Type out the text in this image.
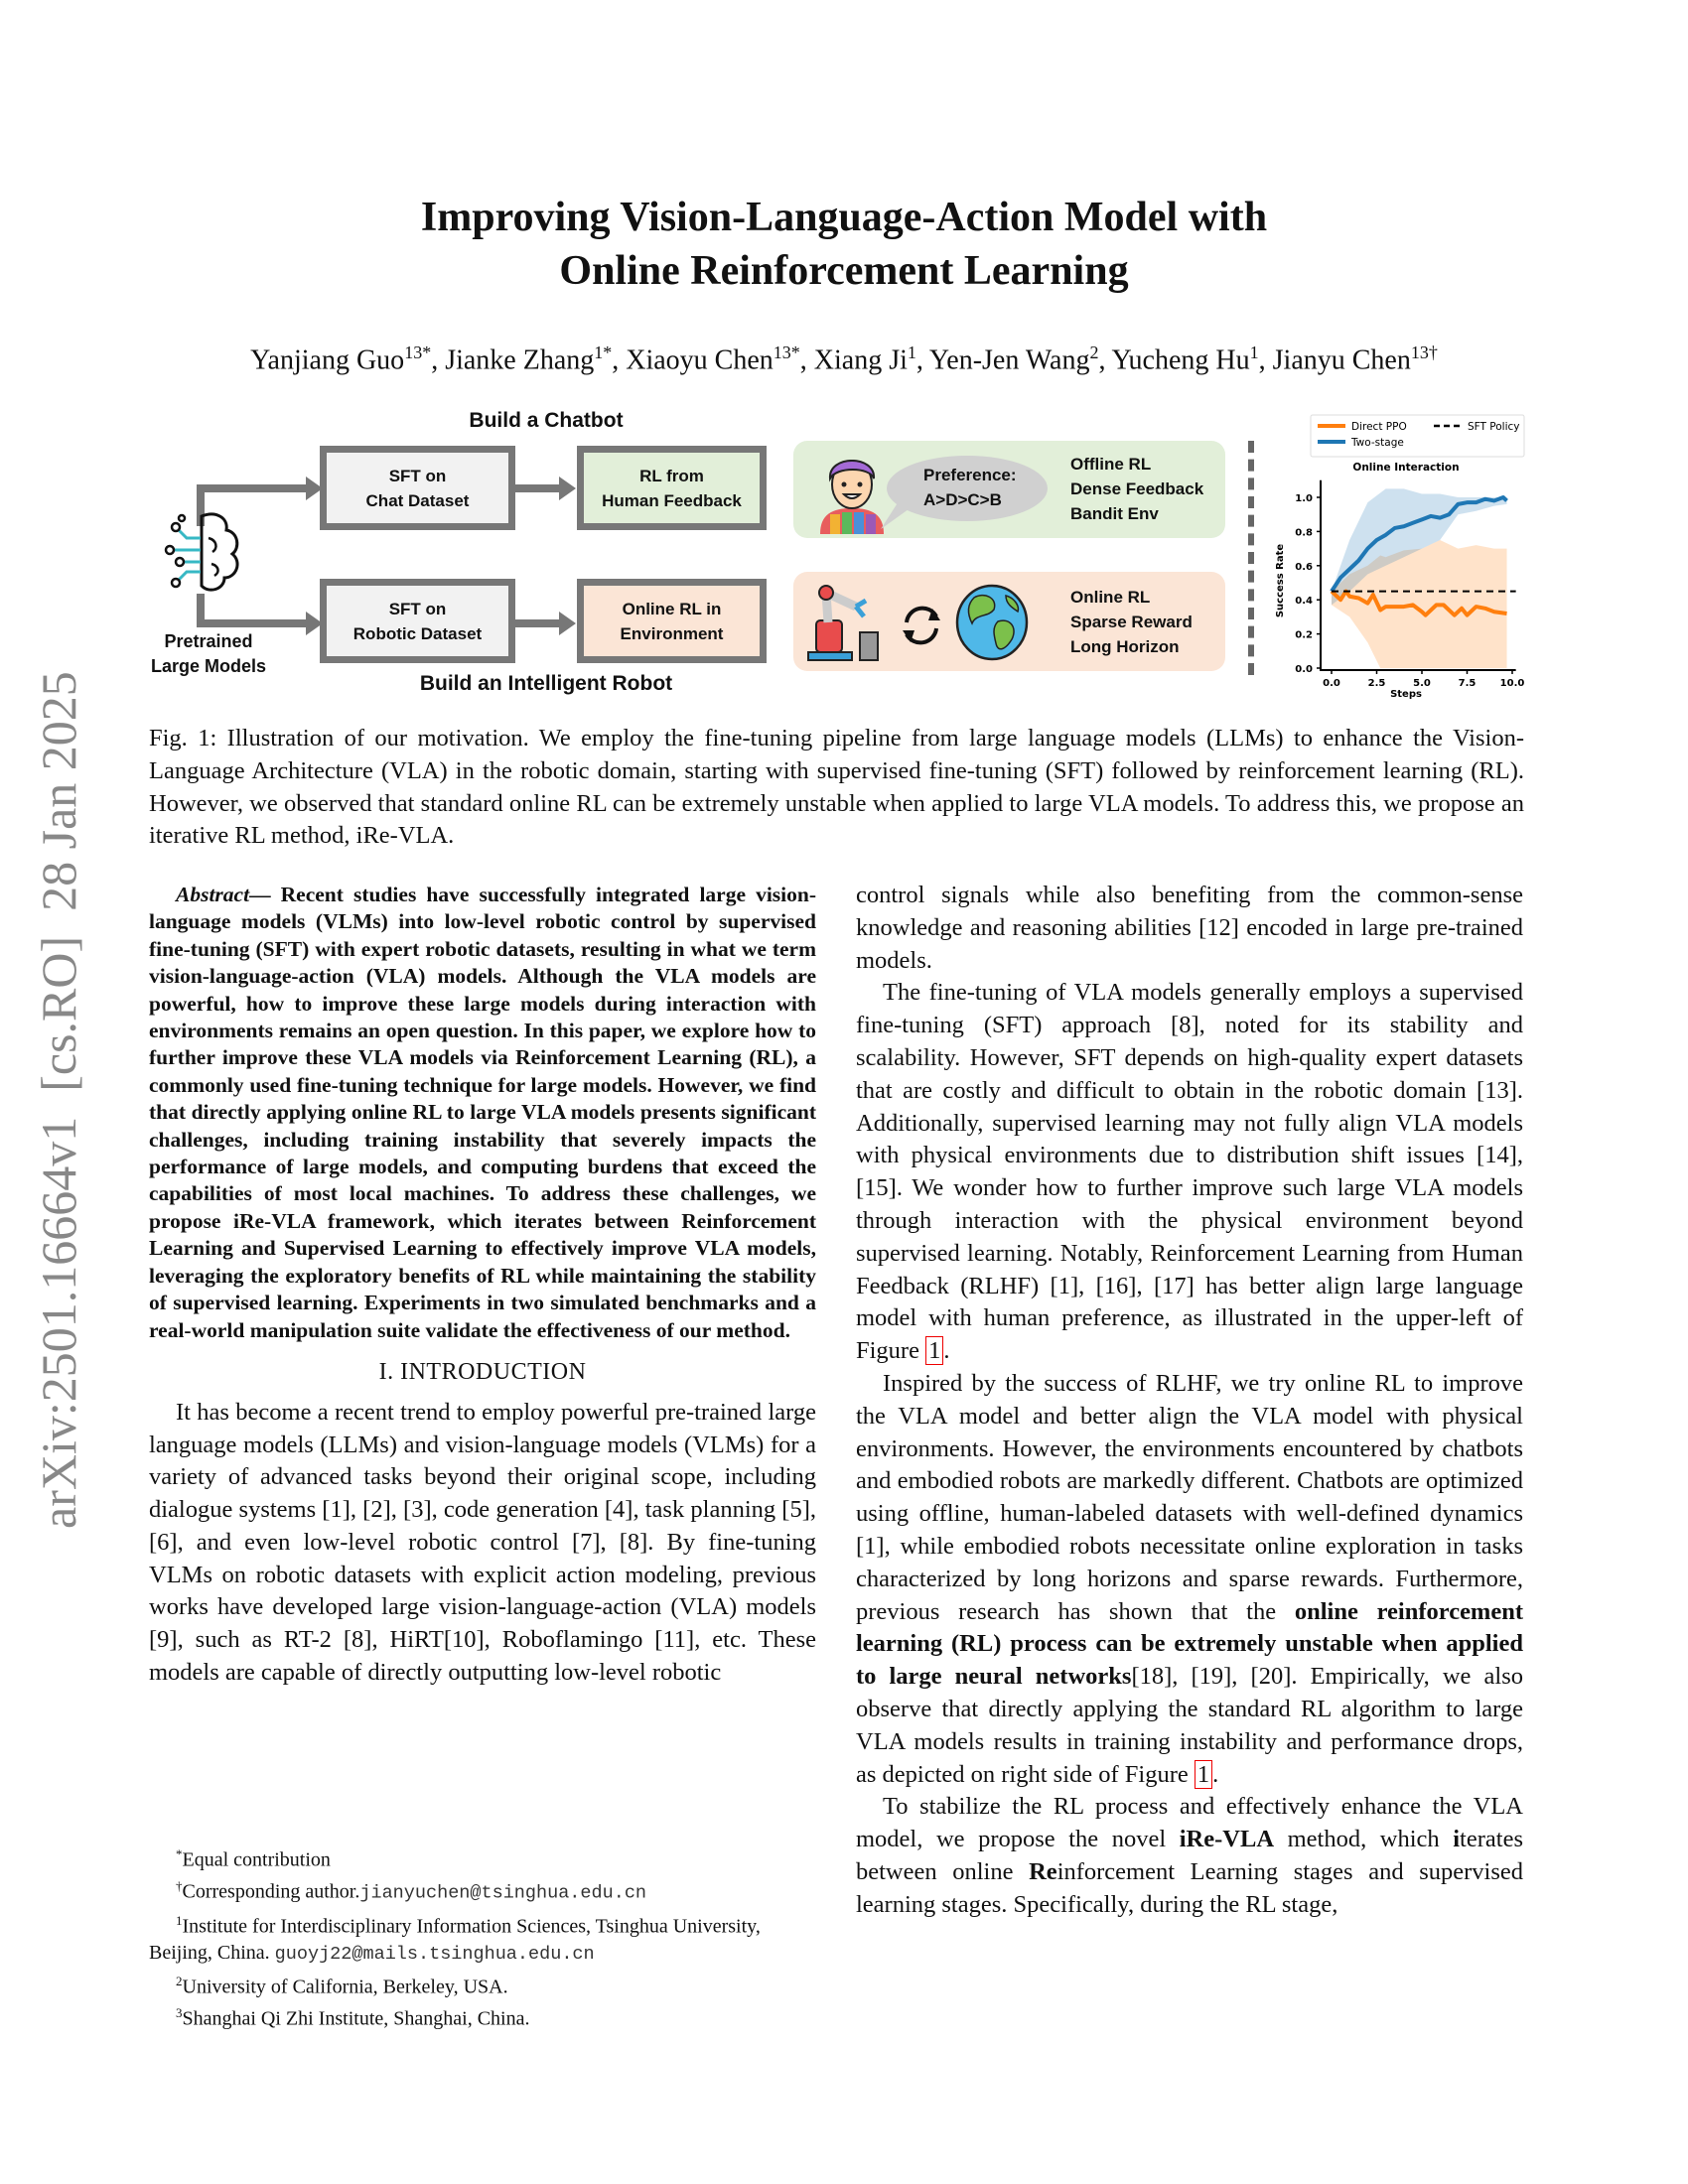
arXiv:2501.16664v1  [cs.RO]  28 Jan 2025
Improving Vision-Language-Action Model with
Online Reinforcement Learning
Yanjiang Guo$^{13*}$, Jianke Zhang$^{1*}$, Xiaoyu Chen$^{13*}$, Xiang Ji$^1$, Yen-Jen Wang$^2$, Yucheng Hu$^1$, Jianyu Chen$^{13\dagger}$
Build a Chatbot
Build an Intelligent Robot
Pretrained
Large Models
SFT on
Chat Dataset
RL from
Human Feedback
SFT on
Robotic Dataset
Online RL in
Environment
Preference:
A>D>C>B
Offline RL
Dense Feedback
Bandit Env
Online RL
Sparse Reward
Long Horizon
0.0
0.2
0.4
0.6
0.8
1.0
0.0	2.5	5.0	7.5 10.0
Online Interaction
Steps
Success Rate
Direct PPO
Two-stage
SFT Policy
Fig. 1: Illustration of our motivation. We employ the fine-tuning pipeline from large language models (LLMs) to enhance the Vision-Language Architecture (VLA) in the robotic domain, starting with supervised fine-tuning (SFT) followed by reinforcement learning (RL). However, we observed that standard online RL can be extremely unstable when applied to large VLA models. To address this, we propose an iterative RL method, iRe-VLA.

Abstract— Recent studies have successfully integrated large vision-language models (VLMs) into low-level robotic control by supervised fine-tuning (SFT) with expert robotic datasets, resulting in what we term vision-language-action (VLA) models. Although the VLA models are powerful, how to improve these large models during interaction with environments remains an open question. In this paper, we explore how to further improve these VLA models via Reinforcement Learning (RL), a commonly used fine-tuning technique for large models. However, we find that directly applying online RL to large VLA models presents significant challenges, including training instability that severely impacts the performance of large models, and computing burdens that exceed the capabilities of most local machines. To address these challenges, we propose iRe-VLA framework, which iterates between Reinforcement Learning and Supervised Learning to effectively improve VLA models, leveraging the exploratory benefits of RL while maintaining the stability of supervised learning. Experiments in two simulated benchmarks and a real-world manipulation suite validate the effectiveness of our method.

I. INTRODUCTION

It has become a recent trend to employ powerful pre-trained large language models (LLMs) and vision-language models (VLMs) for a variety of advanced tasks beyond their original scope, including dialogue systems [1], [2], [3], code generation [4], task planning [5], [6], and even low-level robotic control [7], [8]. By fine-tuning VLMs on robotic datasets with explicit action modeling, previous works have developed large vision-language-action (VLA) models [9], such as RT-2 [8], HiRT[10], Roboflamingo [11], etc. These models are capable of directly outputting low-level robotic

*Equal contribution
†Corresponding author.jianyuchen@tsinghua.edu.cn
$^1$Institute for Interdisciplinary Information Sciences, Tsinghua University, Beijing, China. guoyj22@mails.tsinghua.edu.cn
$^2$University of California, Berkeley, USA.
$^3$Shanghai Qi Zhi Institute, Shanghai, China.

control signals while also benefiting from the common-sense knowledge and reasoning abilities [12] encoded in large pre-trained models.

The fine-tuning of VLA models generally employs a supervised fine-tuning (SFT) approach [8], noted for its stability and scalability. However, SFT depends on high-quality expert datasets that are costly and difficult to obtain in the robotic domain [13]. Additionally, supervised learning may not fully align VLA models with physical environments due to distribution shift issues [14], [15]. We wonder how to further improve such large VLA models through interaction with the physical environment beyond supervised learning. Notably, Reinforcement Learning from Human Feedback (RLHF) [1], [16], [17] has better align large language model with human preference, as illustrated in the upper-left of Figure 1 .

Inspired by the success of RLHF, we try online RL to improve the VLA model and better align the VLA model with physical environments. However, the environments encountered by chatbots and embodied robots are markedly different. Chatbots are optimized using offline, human-labeled datasets with well-defined dynamics [1], while embodied robots necessitate online exploration in tasks characterized by long horizons and sparse rewards. Furthermore, previous research has shown that the online reinforcement learning (RL) process can be extremely unstable when applied to large neural networks[18], [19], [20]. Empirically, we also observe that directly applying the standard RL algorithm to large VLA models results in training instability and performance drops, as depicted on right side of Figure 1 .

To stabilize the RL process and effectively enhance the VLA model, we propose the novel iRe-VLA method, which iterates between online Reinforcement Learning stages and supervised learning stages. Specifically, during the RL stage,
